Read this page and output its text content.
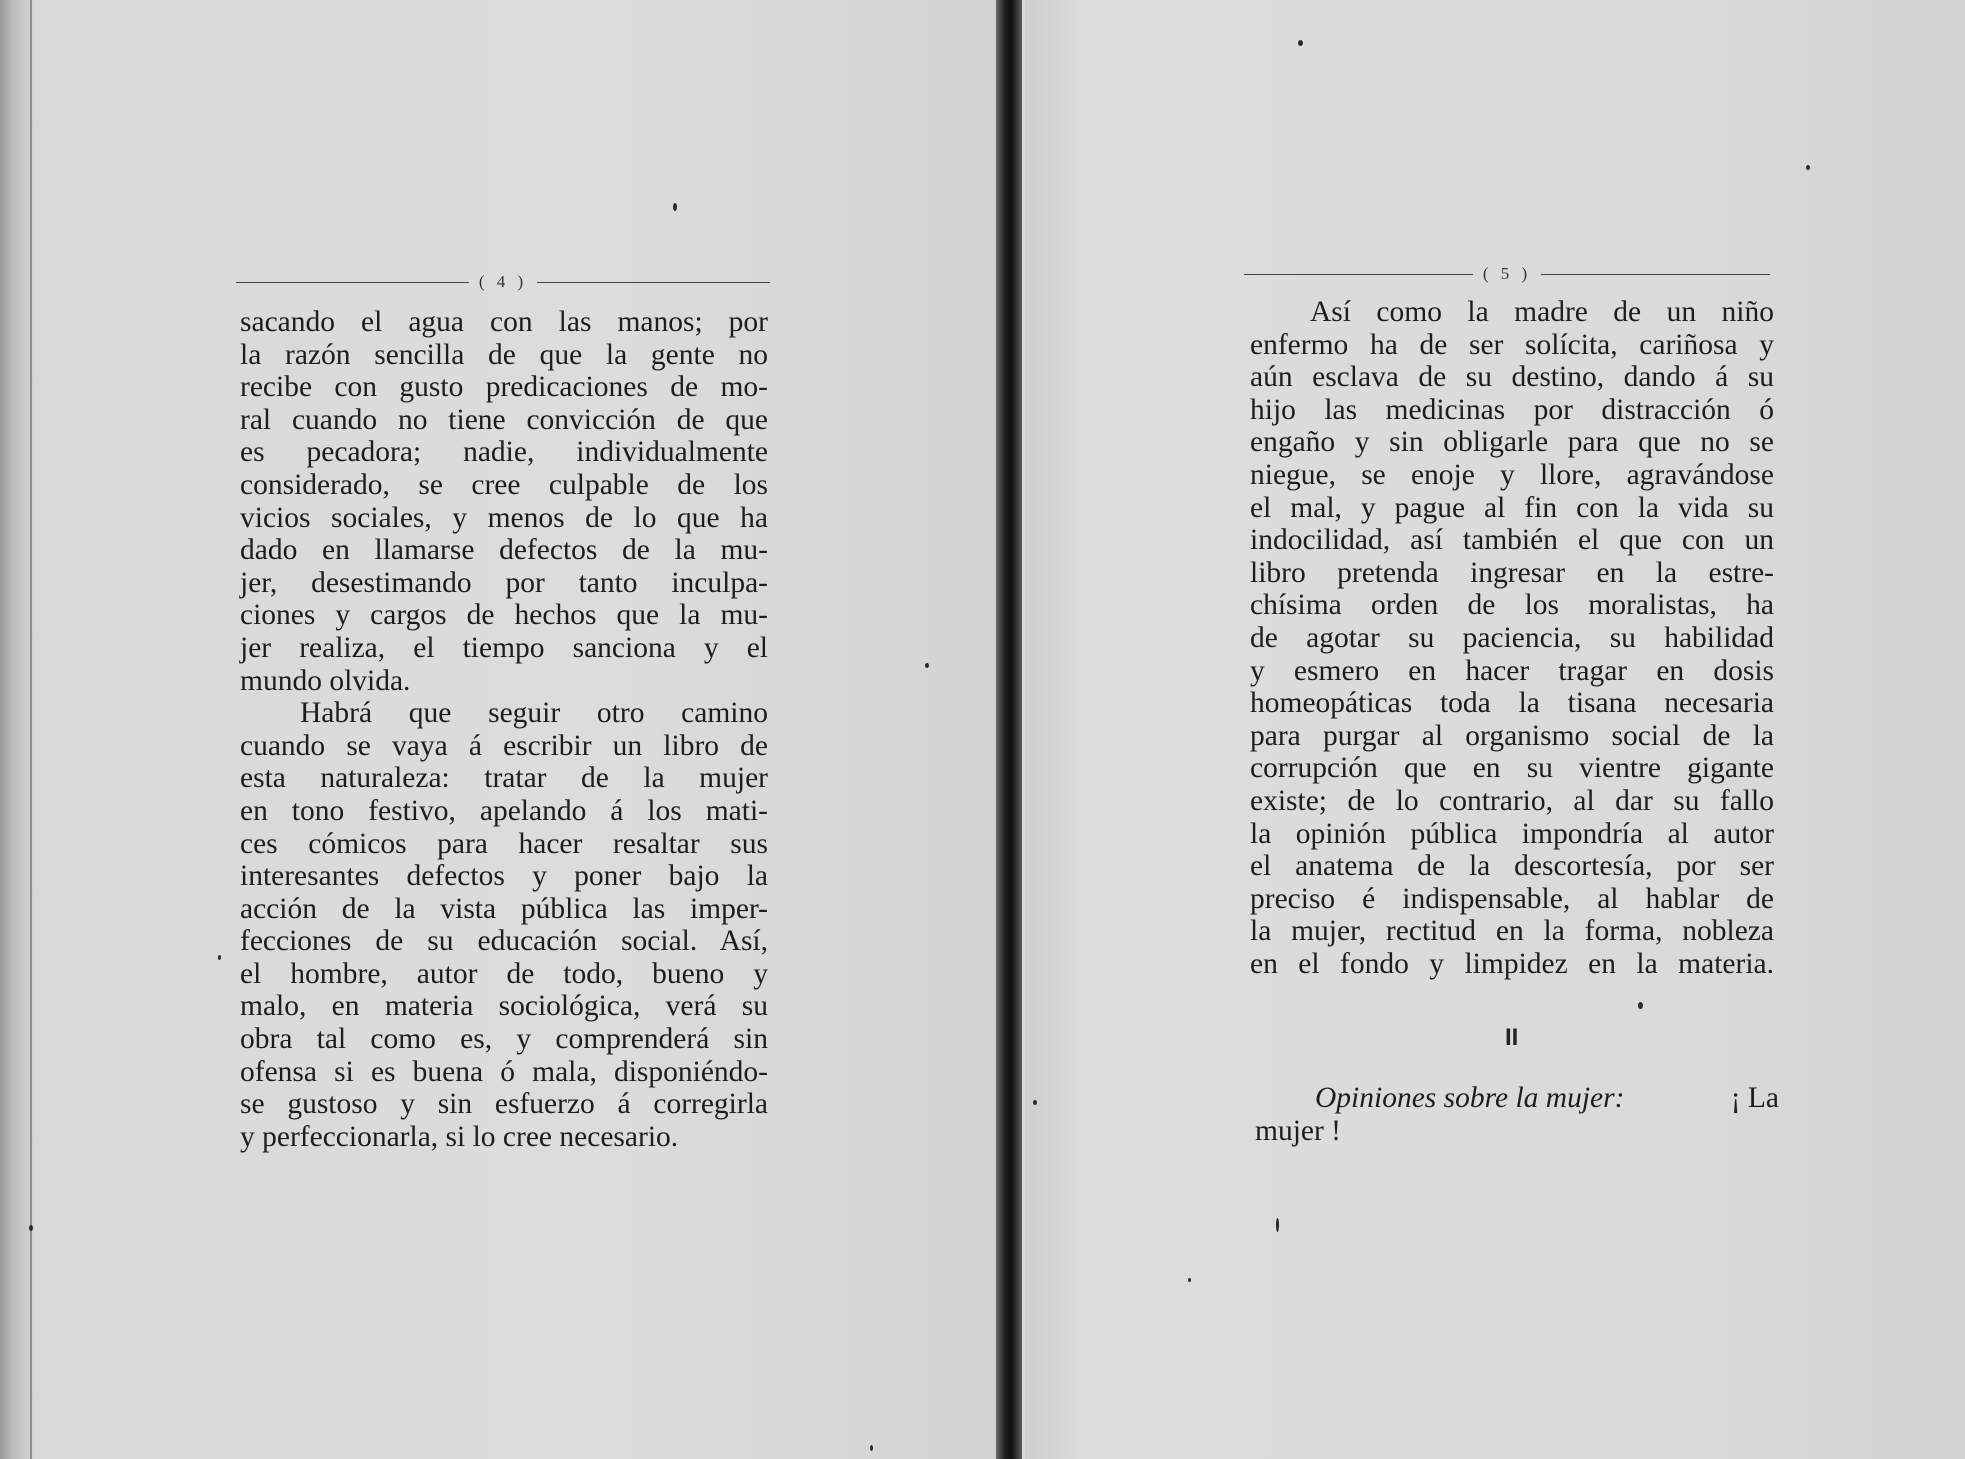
( 4 )
sacando el agua con las manos; por
la razón sencilla de que la gente no
recibe con gusto predicaciones de mo-
ral cuando no tiene convicción de que
es pecadora; nadie, individualmente
considerado, se cree culpable de los
vicios sociales, y menos de lo que ha
dado en llamarse defectos de la mu-
jer, desestimando por tanto inculpa-
ciones y cargos de hechos que la mu-
jer realiza, el tiempo sanciona y el
mundo olvida.
Habrá que seguir otro camino
cuando se vaya á escribir un libro de
esta naturaleza: tratar de la mujer
en tono festivo, apelando á los mati-
ces cómicos para hacer resaltar sus
interesantes defectos y poner bajo la
acción de la vista pública las imper-
fecciones de su educación social. Así,
el hombre, autor de todo, bueno y
malo, en materia sociológica, verá su
obra tal como es, y comprenderá sin
ofensa si es buena ó mala, disponiéndo-
se gustoso y sin esfuerzo á corregirla
y perfeccionarla, si lo cree necesario.
( 5 )
Así como la madre de un niño
enfermo ha de ser solícita, cariñosa y
aún esclava de su destino, dando á su
hijo las medicinas por distracción ó
engaño y sin obligarle para que no se
niegue, se enoje y llore, agravándose
el mal, y pague al fin con la vida su
indocilidad, así también el que con un
libro pretenda ingresar en la estre-
chísima orden de los moralistas, ha
de agotar su paciencia, su habilidad
y esmero en hacer tragar en dosis
homeopáticas toda la tisana necesaria
para purgar al organismo social de la
corrupción que en su vientre gigante
existe; de lo contrario, al dar su fallo
la opinión pública impondría al autor
el anatema de la descortesía, por ser
preciso é indispensable, al hablar de
la mujer, rectitud en la forma, nobleza
en el fondo y limpidez en la materia.
II
Opiniones sobre la mujer:	¡ La
mujer !
